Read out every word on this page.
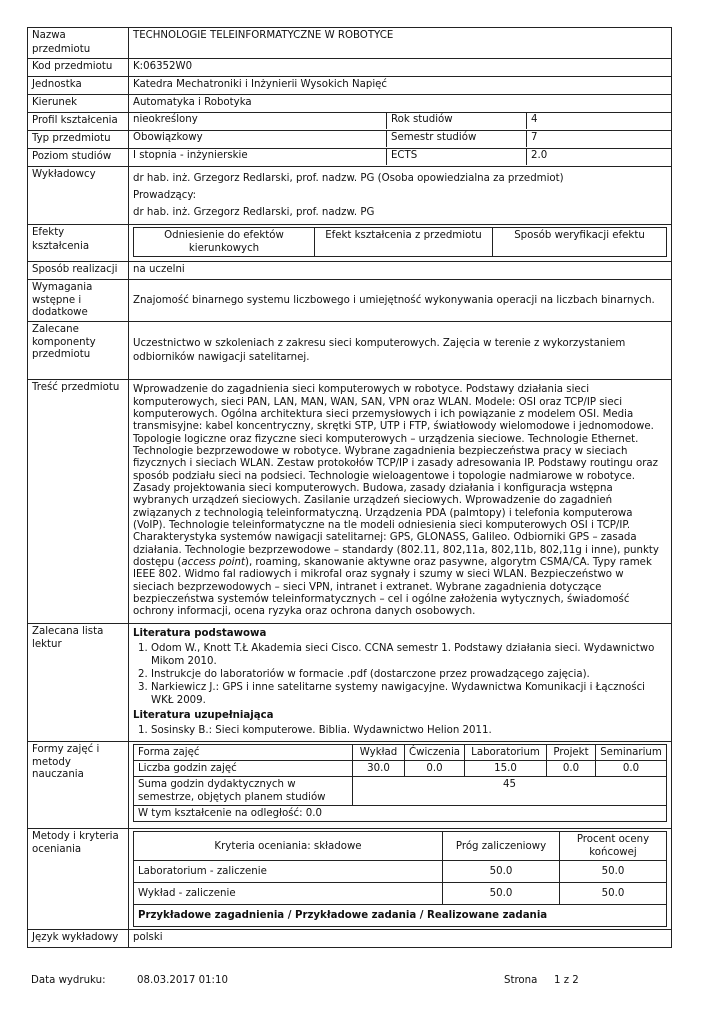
Nazwa przedmiotu	TECHNOLOGIE TELEINFORMATYCZNE W ROBOTYCE
Kod przedmiotu	K:06352W0
Jednostka	Katedra Mechatroniki i Inżynierii Wysokich Napięć
Kierunek	Automatyka i Robotyka
Profil kształcenia	nieokreślony	Rok studiów	4

Typ przedmiotu	Obowiązkowy	Semestr studiów	7

Poziom studiów	I stopnia - inżynierskie	ECTS	2.0

Wykładowcy	dr hab. inż. Grzegorz Redlarski, prof. nadzw. PG (Osoba opowiedzialna za przedmiot)
Prowadzący:
dr hab. inż. Grzegorz Redlarski, prof. nadzw. PG

Efekty kształcenia	
Odniesienie do efektów kierunkowych	Efekt kształcenia z przedmiotu	Sposób weryfikacji efektu

Sposób realizacji	na uczelni
Wymagania wstępne i dodatkowe	Znajomość binarnego systemu liczbowego i umiejętność wykonywania operacji na liczbach binarnych.
Zalecane komponenty przedmiotu	Uczestnictwo w szkoleniach z zakresu sieci komputerowych. Zajęcia w terenie z wykorzystaniem odbiorników nawigacji satelitarnej.
Treść przedmiotu	Wprowadzenie do zagadnienia sieci komputerowych w robotyce. Podstawy działania sieci komputerowych, sieci PAN, LAN, MAN, WAN, SAN, VPN oraz WLAN. Modele: OSI oraz TCP/IP sieci komputerowych. Ogólna architektura sieci przemysłowych i ich powiązanie z modelem OSI. Media transmisyjne: kabel koncentryczny, skrętki STP, UTP i FTP, światłowody wielomodowe i jednomodowe. Topologie logiczne oraz fizyczne sieci komputerowych – urządzenia sieciowe. Technologie Ethernet. Technologie bezprzewodowe w robotyce. Wybrane zagadnienia bezpieczeństwa pracy w sieciach fizycznych i sieciach WLAN. Zestaw protokołów TCP/IP i zasady adresowania IP. Podstawy routingu oraz sposób podziału sieci na podsieci. Technologie wieloagentowe i topologie nadmiarowe w robotyce. Zasady projektowania sieci komputerowych. Budowa, zasady działania i konfiguracja wstępna wybranych urządzeń sieciowych. Zasilanie urządzeń sieciowych. Wprowadzenie do zagadnień związanych z technologią teleinformatyczną. Urządzenia PDA (palmtopy) i telefonia komputerowa (VoIP). Technologie teleinformatyczne na tle modeli odniesienia sieci komputerowych OSI i TCP/IP. Charakterystyka systemów nawigacji satelitarnej: GPS, GLONASS, Galileo. Odbiorniki GPS – zasada działania. Technologie bezprzewodowe – standardy (802.11, 802,11a, 802,11b, 802,11g i inne), punkty dostępu (access point), roaming, skanowanie aktywne oraz pasywne, algorytm CSMA/CA. Typy ramek IEEE 802. Widmo fal radiowych i mikrofal oraz sygnały i szumy w sieci WLAN. Bezpieczeństwo w sieciach bezprzewodowych – sieci VPN, intranet i extranet. Wybrane zagadnienia dotyczące bezpieczeństwa systemów teleinformatycznych – cel i ogólne założenia wytycznych, świadomość ochrony informacji, ocena ryzyka oraz ochrona danych osobowych.
Zalecana lista lektur	
Literatura podstawowa
1. Odom W., Knott T.Ł Akademia sieci Cisco. CCNA semestr 1. Podstawy działania sieci. Wydawnictwo Mikom 2010.
2. Instrukcje do laboratoriów w formacie .pdf (dostarczone przez prowadzącego zajęcia).
3. Narkiewicz J.: GPS i inne satelitarne systemy nawigacyjne. Wydawnictwa Komunikacji i Łączności WKŁ 2009.
Literatura uzupełniająca
1. Sosinsky B.: Sieci komputerowe. Biblia. Wydawnictwo Helion 2011.

Formy zajęć i metody nauczania	
Forma zajęć	Wykład	Ćwiczenia	Laboratorium	Projekt	Seminarium
Liczba godzin zajęć	30.0	0.0	15.0	0.0	0.0
Suma godzin dydaktycznych w semestrze, objętych planem studiów	45
W tym kształcenie na odległość: 0.0

Metody i kryteria oceniania		Kryteria oceniania: składowe	Próg zaliczeniowy	Procent oceny końcowej
Laboratorium - zaliczenie	50.0	50.0
Wykład - zaliczenie	50.0	50.0
Przykładowe zagadnienia / Przykładowe zadania / Realizowane zadania

Język wykładowy	polski
Data wydruku:	08.03.2017 01:10	Strona 1 z 2
